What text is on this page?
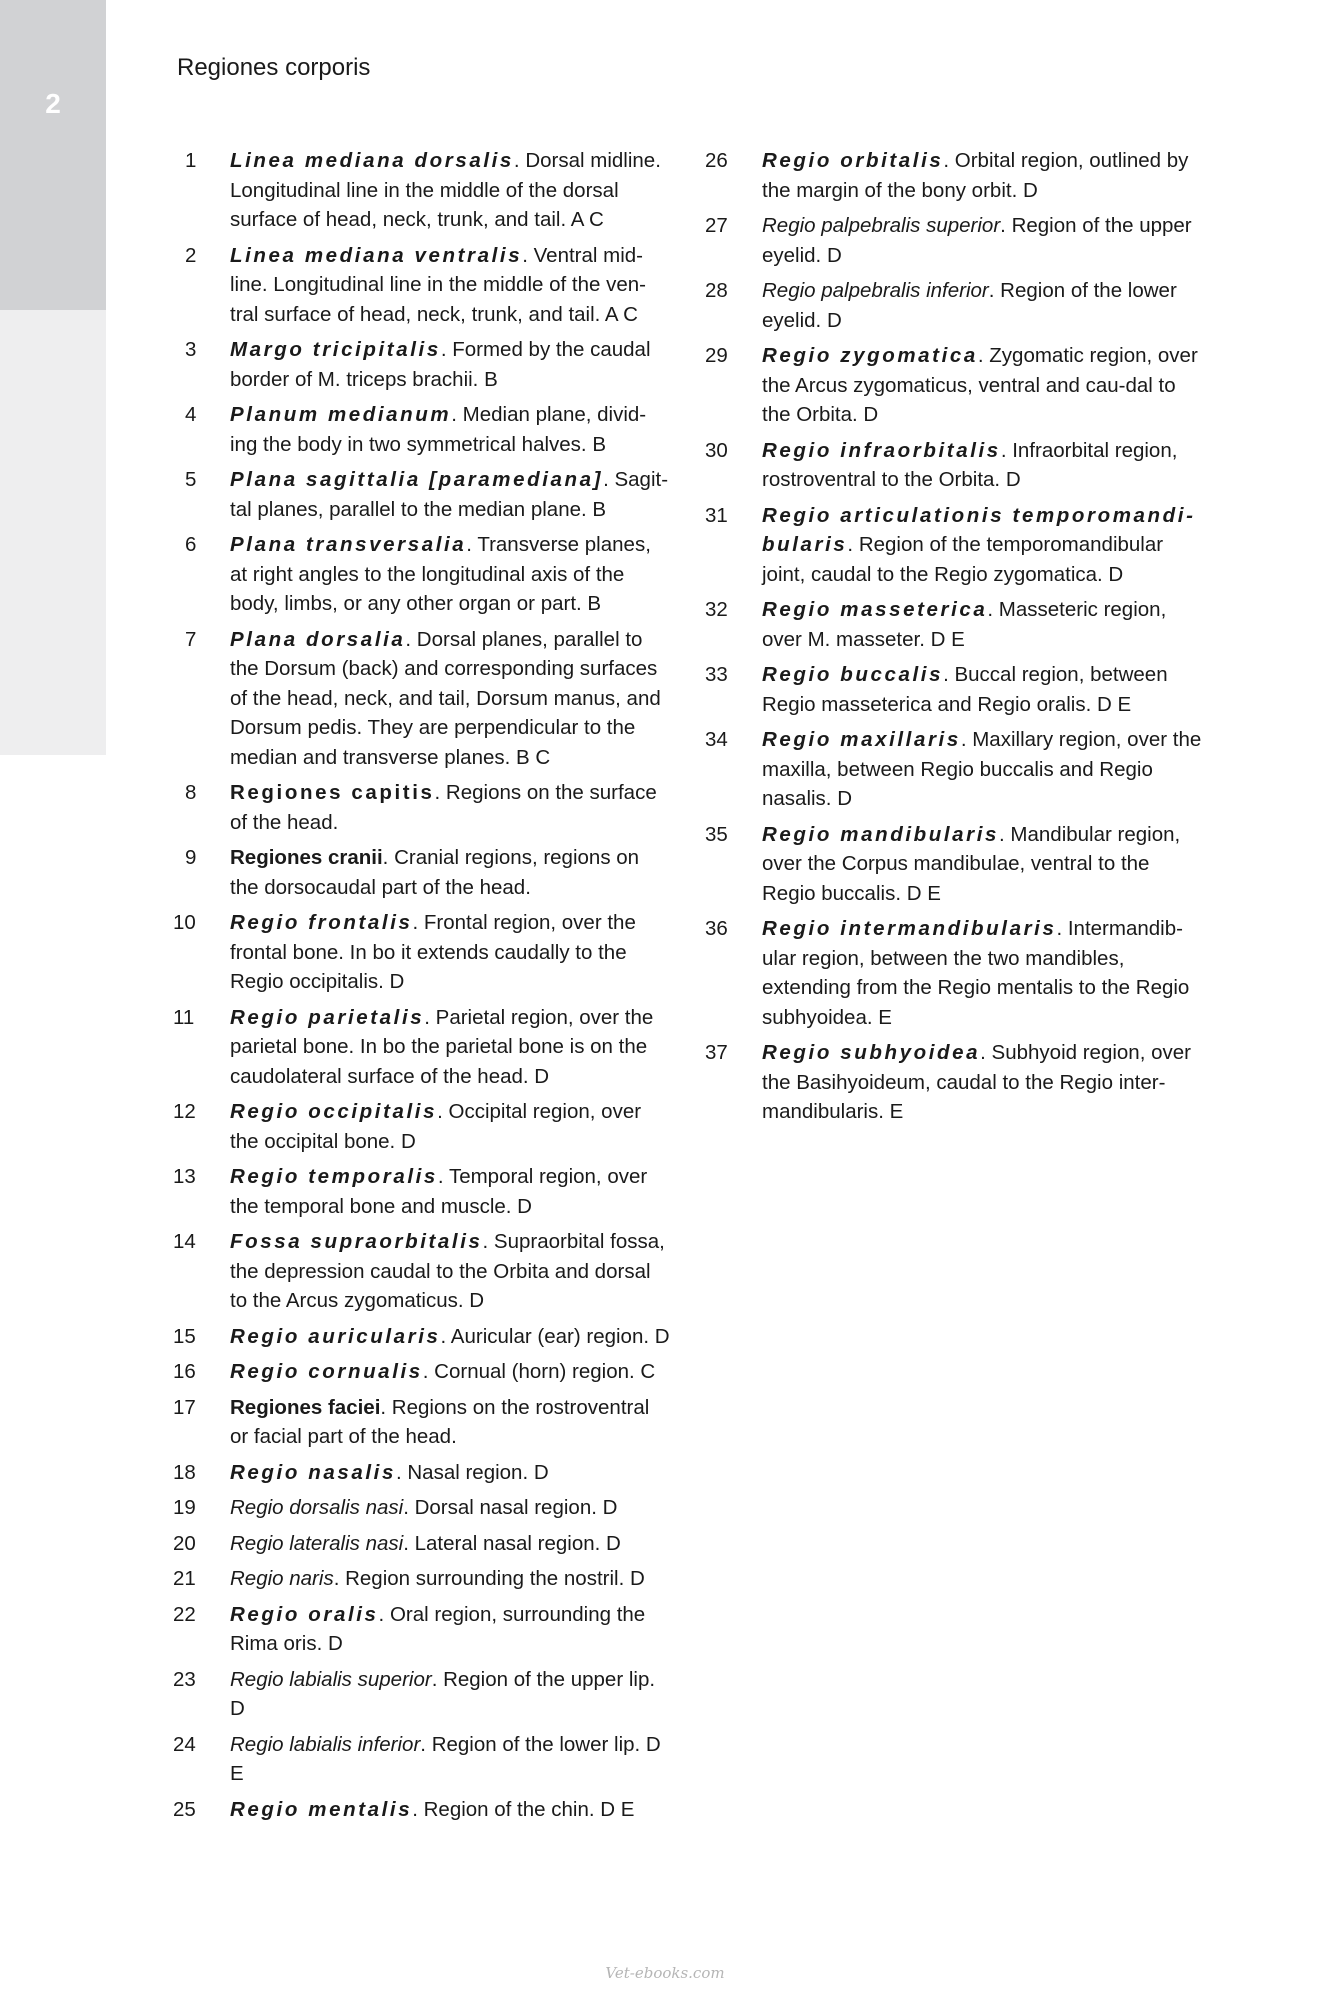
2
Regiones corporis
1	Linea mediana dorsalis. Dorsal midline. Longitudinal line in the middle of the dorsal surface of head, neck, trunk, and tail. A C
2	Linea mediana ventralis. Ventral mid-line. Longitudinal line in the middle of the ven-tral surface of head, neck, trunk, and tail. A C
3	Margo tricipitalis. Formed by the caudal border of M. triceps brachii. B
4	Planum medianum. Median plane, divid-ing the body in two symmetrical halves. B
5	Plana sagittalia [paramediana]. Sagit-tal planes, parallel to the median plane. B
6	Plana transversalia. Transverse planes, at right angles to the longitudinal axis of the body, limbs, or any other organ or part. B
7	Plana dorsalia. Dorsal planes, parallel to the Dorsum (back) and corresponding surfaces of the head, neck, and tail, Dorsum manus, and Dorsum pedis. They are perpendicular to the median and transverse planes. B C
8	Regiones capitis. Regions on the surface of the head.
9	Regiones cranii. Cranial regions, regions on the dorsocaudal part of the head.
10	Regio frontalis. Frontal region, over the frontal bone. In bo it extends caudally to the Regio occipitalis. D
11	Regio parietalis. Parietal region, over the parietal bone. In bo the parietal bone is on the caudolateral surface of the head. D
12	Regio occipitalis. Occipital region, over the occipital bone. D
13	Regio temporalis. Temporal region, over the temporal bone and muscle. D
14	Fossa supraorbitalis. Supraorbital fossa, the depression caudal to the Orbita and dorsal to the Arcus zygomaticus. D
15	Regio auricularis. Auricular (ear) region. D
16	Regio cornualis. Cornual (horn) region. C
17	Regiones faciei. Regions on the rostroventral or facial part of the head.
18	Regio nasalis. Nasal region. D
19	Regio dorsalis nasi. Dorsal nasal region. D
20	Regio lateralis nasi. Lateral nasal region. D
21	Regio naris. Region surrounding the nostril. D
22	Regio oralis. Oral region, surrounding the Rima oris. D
23	Regio labialis superior. Region of the upper lip. D
24	Regio labialis inferior. Region of the lower lip. D E
25	Regio mentalis. Region of the chin. D E
26	Regio orbitalis. Orbital region, outlined by the margin of the bony orbit. D
27	Regio palpebralis superior. Region of the upper eyelid. D
28	Regio palpebralis inferior. Region of the lower eyelid. D
29	Regio zygomatica. Zygomatic region, over the Arcus zygomaticus, ventral and cau-dal to the Orbita. D
30	Regio infraorbitalis. Infraorbital region, rostroventral to the Orbita. D
31	Regio articulationis temporomandi-bularis. Region of the temporomandibular joint, caudal to the Regio zygomatica. D
32	Regio masseterica. Masseteric region, over M. masseter. D E
33	Regio buccalis. Buccal region, between Regio masseterica and Regio oralis. D E
34	Regio maxillaris. Maxillary region, over the maxilla, between Regio buccalis and Regio nasalis. D
35	Regio mandibularis. Mandibular region, over the Corpus mandibulae, ventral to the Regio buccalis. D E
36	Regio intermandibularis. Intermandib-ular region, between the two mandibles, extending from the Regio mentalis to the Regio subhyoidea. E
37	Regio subhyoidea. Subhyoid region, over the Basihyoideum, caudal to the Regio inter-mandibularis. E
Vet-ebooks.com
